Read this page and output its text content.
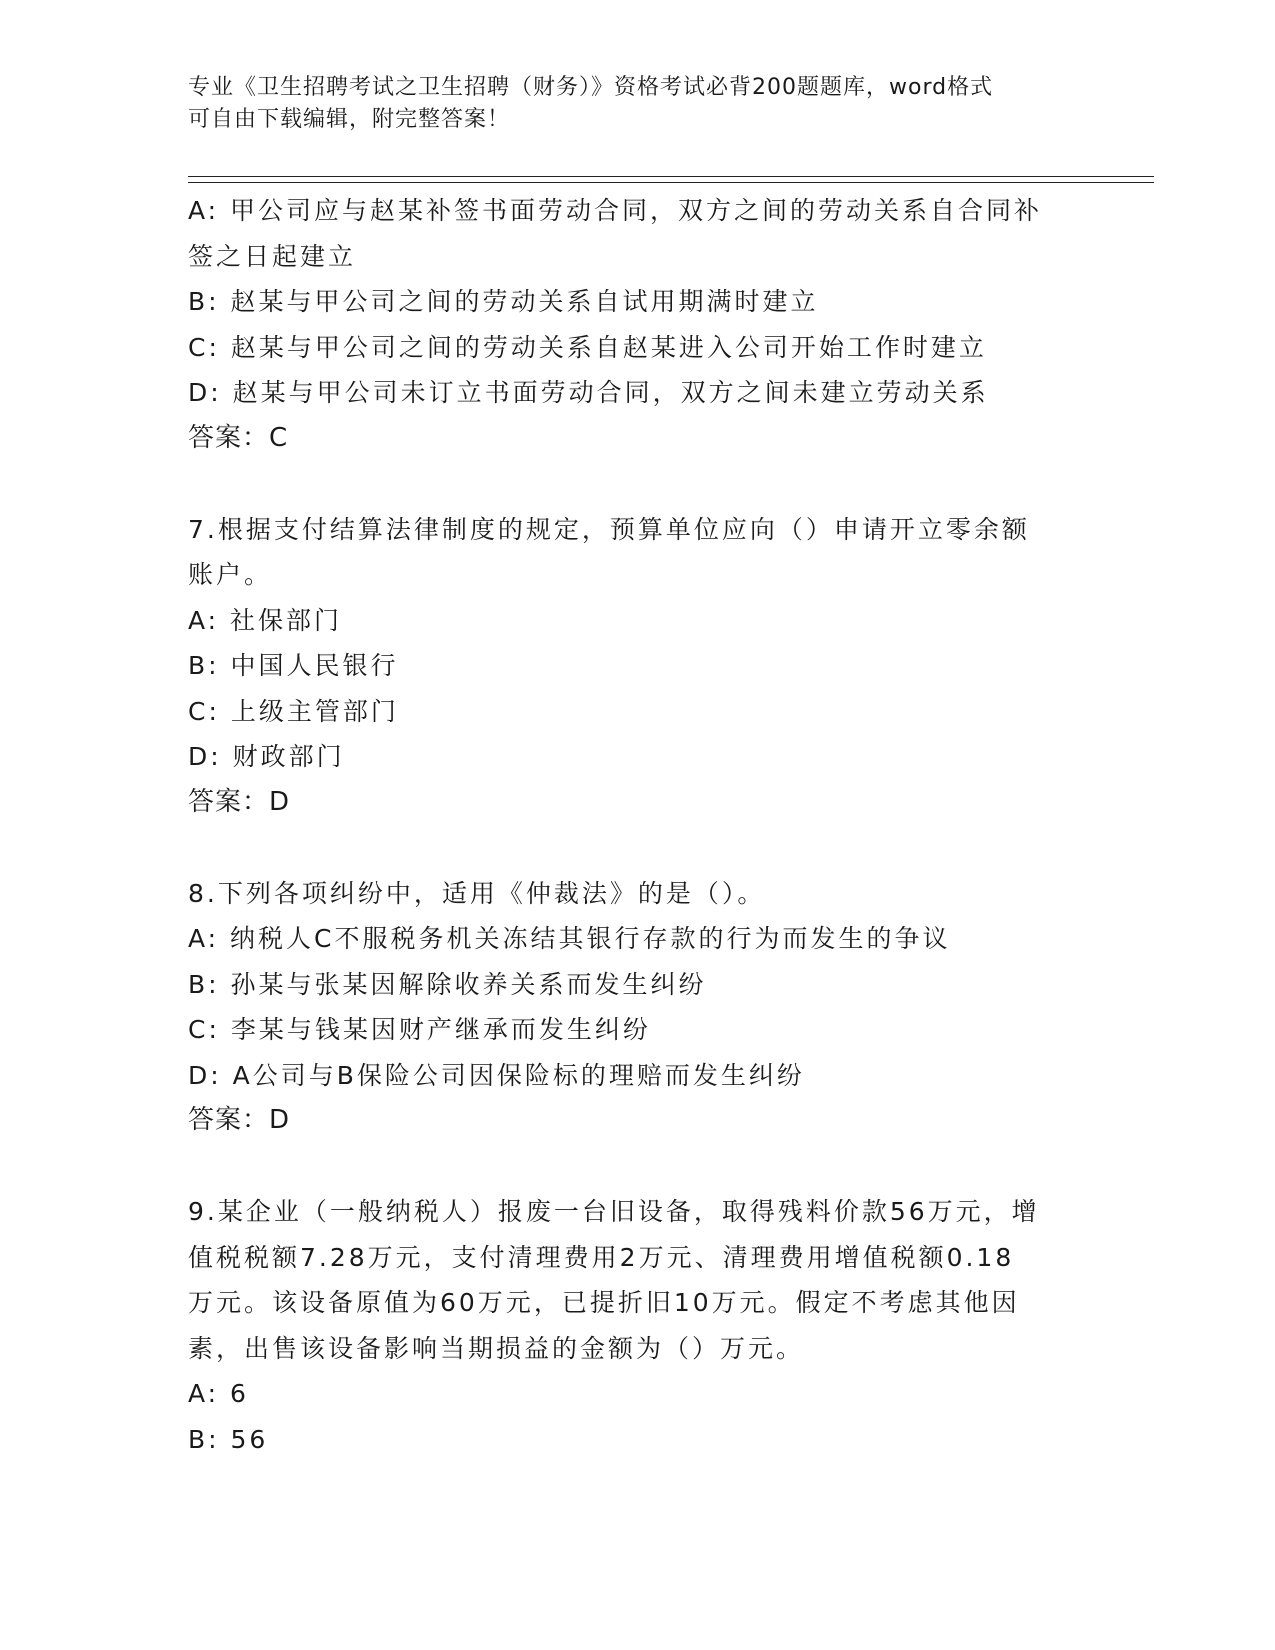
专业《卫生招聘考试之卫生招聘（财务）》资格考试必背200题题库，word格式
可自由下载编辑，附完整答案！
A: 甲公司应与赵某补签书面劳动合同，双方之间的劳动关系自合同补
签之日起建立
B: 赵某与甲公司之间的劳动关系自试用期满时建立
C: 赵某与甲公司之间的劳动关系自赵某进入公司开始工作时建立
D: 赵某与甲公司未订立书面劳动合同，双方之间未建立劳动关系
答案：C
7.根据支付结算法律制度的规定，预算单位应向（）申请开立零余额
账户。
A: 社保部门
B: 中国人民银行
C: 上级主管部门
D: 财政部门
答案：D
8.下列各项纠纷中，适用《仲裁法》的是（）。
A: 纳税人C不服税务机关冻结其银行存款的行为而发生的争议
B: 孙某与张某因解除收养关系而发生纠纷
C: 李某与钱某因财产继承而发生纠纷
D: A公司与B保险公司因保险标的理赔而发生纠纷
答案：D
9.某企业（一般纳税人）报废一台旧设备，取得残料价款56万元，增
值税税额7.28万元，支付清理费用2万元、清理费用增值税额0.18
万元。该设备原值为60万元，已提折旧10万元。假定不考虑其他因
素，出售该设备影响当期损益的金额为（）万元。
A: 6
B: 56
